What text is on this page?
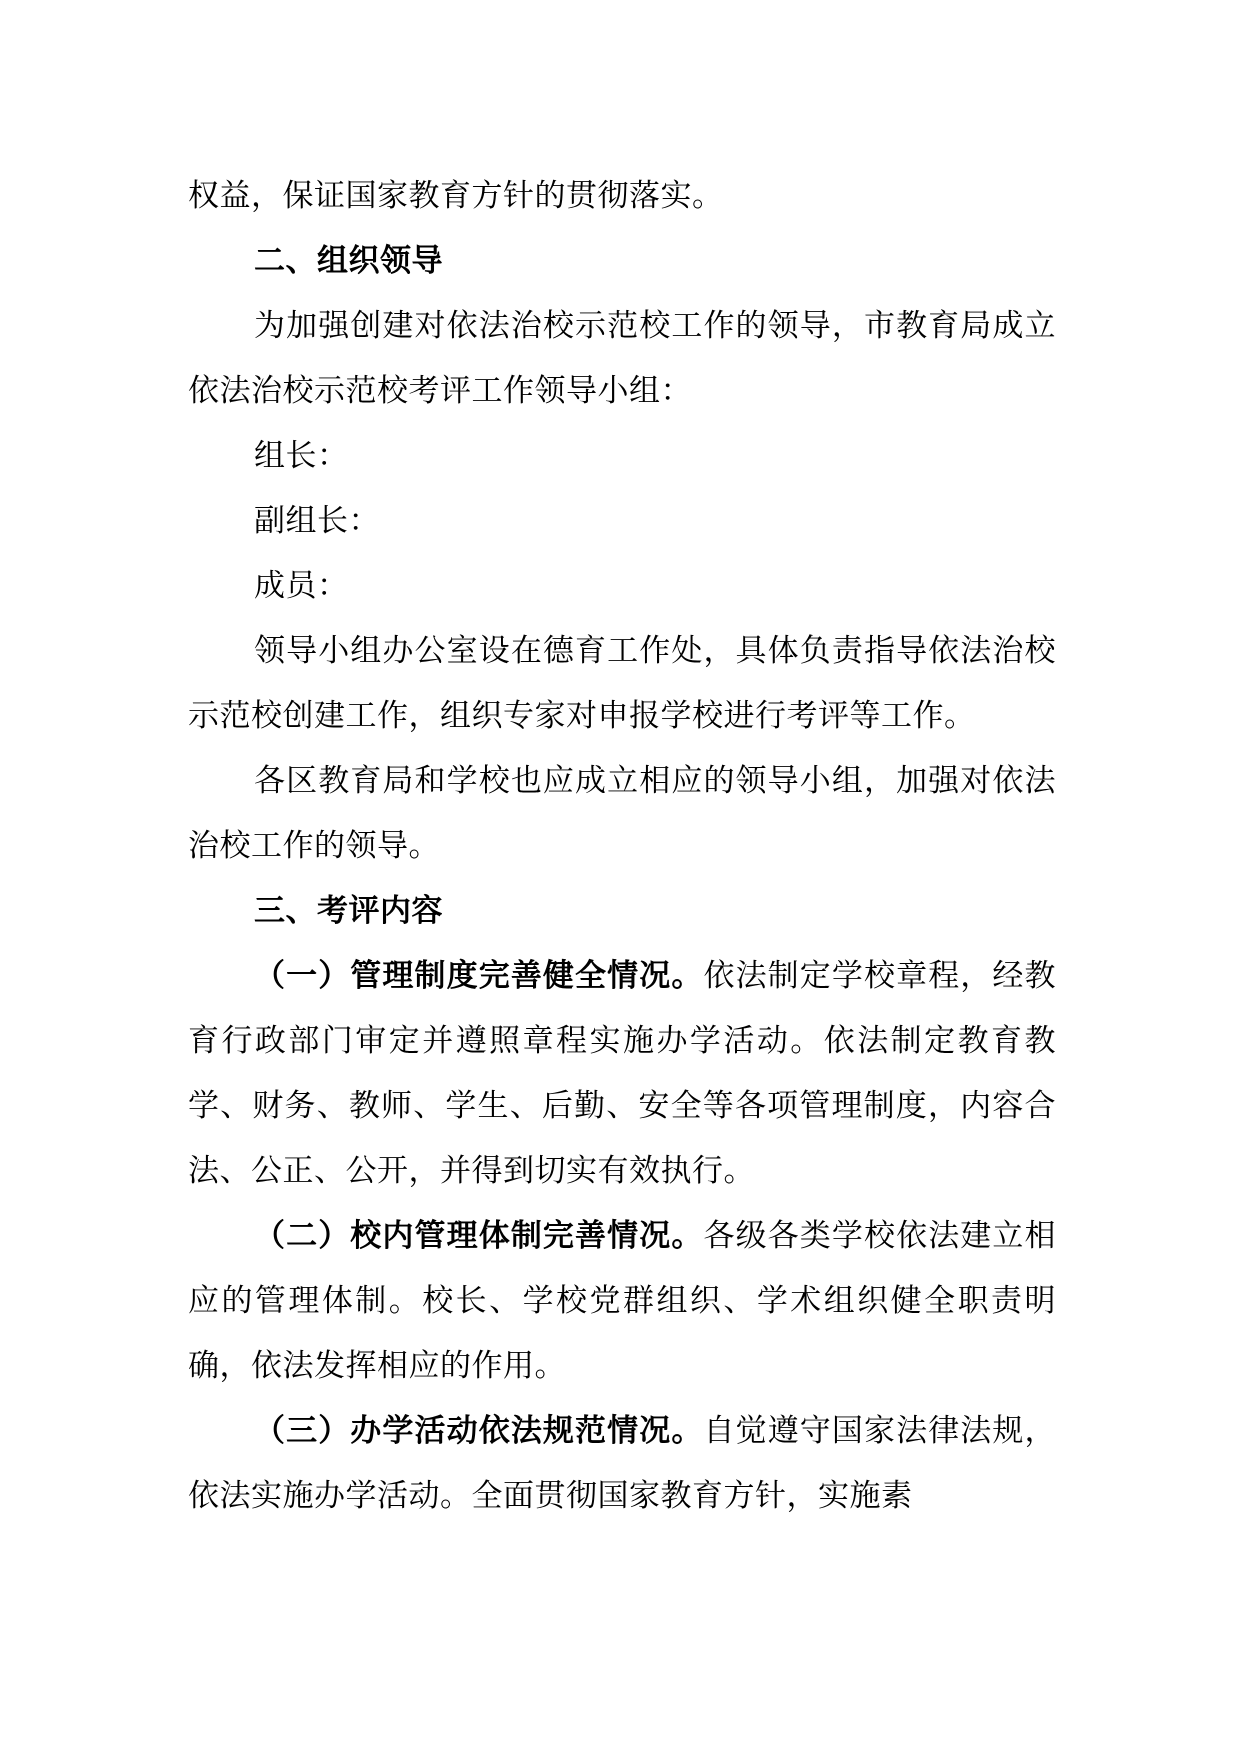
权益，保证国家教育方针的贯彻落实。

二、组织领导

为加强创建对依法治校示范校工作的领导，市教育局成立依法治校示范校考评工作领导小组：

组长：

副组长：

成员：

领导小组办公室设在德育工作处，具体负责指导依法治校示范校创建工作，组织专家对申报学校进行考评等工作。

各区教育局和学校也应成立相应的领导小组，加强对依法治校工作的领导。

三、考评内容

（一）管理制度完善健全情况。依法制定学校章程，经教育行政部门审定并遵照章程实施办学活动。依法制定教育教学、财务、教师、学生、后勤、安全等各项管理制度，内容合法、公正、公开，并得到切实有效执行。

（二）校内管理体制完善情况。各级各类学校依法建立相应的管理体制。校长、学校党群组织、学术组织健全职责明确，依法发挥相应的作用。

（三）办学活动依法规范情况。自觉遵守国家法律法规，依法实施办学活动。全面贯彻国家教育方针，实施素
